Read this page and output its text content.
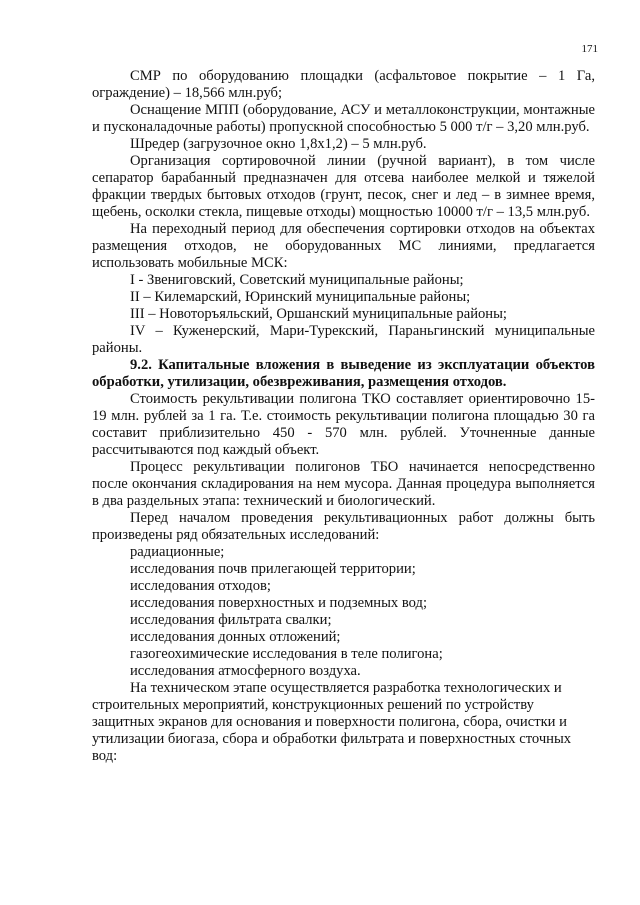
171

СМР по оборудованию площадки (асфальтовое покрытие – 1 Га, ограждение) – 18,566 млн.руб;

Оснащение МПП (оборудование, АСУ и металлоконструкции, монтажные и пусконаладочные работы) пропускной способностью 5 000 т/г – 3,20 млн.руб.

Шредер (загрузочное окно 1,8х1,2) – 5 млн.руб.

Организация сортировочной линии (ручной вариант), в том числе сепаратор барабанный предназначен для отсева наиболее мелкой и тяжелой фракции твердых бытовых отходов (грунт, песок, снег и лед – в зимнее время, щебень, осколки стекла, пищевые отходы) мощностью 10000 т/г – 13,5 млн.руб.

На переходный период для обеспечения сортировки отходов на объектах размещения отходов, не оборудованных МС линиями, предлагается использовать мобильные МСК:

I - Звениговский, Советский муниципальные районы;

II – Килемарский, Юринский муниципальные районы;

III – Новоторъяльский, Оршанский муниципальные районы;

IV – Куженерский, Мари-Турекский, Параньгинский муниципальные районы.

9.2. Капитальные вложения в выведение из эксплуатации объектов обработки, утилизации, обезвреживания, размещения отходов.

Стоимость рекультивации полигона ТКО составляет ориентировочно 15-19 млн. рублей за 1 га. Т.е. стоимость рекультивации полигона площадью 30 га составит приблизительно 450 - 570 млн. рублей. Уточненные данные рассчитываются под каждый объект.

Процесс рекультивации полигонов ТБО начинается непосредственно после окончания складирования на нем мусора. Данная процедура выполняется в два раздельных этапа: технический и биологический.

Перед началом проведения рекультивационных работ должны быть произведены ряд обязательных исследований:

радиационные;

исследования почв прилегающей территории;

исследования отходов;

исследования поверхностных и подземных вод;

исследования фильтрата свалки;

исследования донных отложений;

газогеохимические исследования в теле полигона;

исследования атмосферного воздуха.

На техническом этапе осуществляется разработка технологических и строительных мероприятий, конструкционных решений по устройству защитных экранов для основания и поверхности полигона, сбора, очистки и утилизации биогаза, сбора и обработки фильтрата и поверхностных сточных вод:
